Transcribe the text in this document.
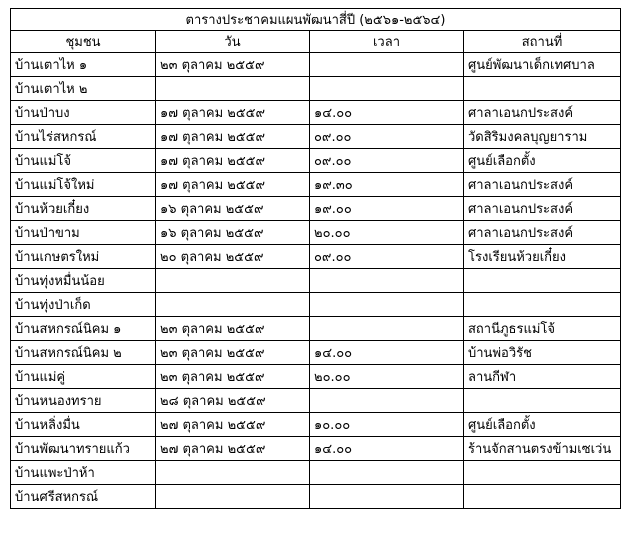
ตารางประชาคมแผนพัฒนาสี่ปี (๒๕๖๑-๒๕๖๔)			
ชุมชน	วัน	เวลา	สถานที่
บ้านเตาไห ๑	๒๓ ตุลาคม ๒๕๕๙		ศูนย์พัฒนาเด็กเทศบาล
บ้านเตาไห ๒			
บ้านป่าบง	๑๗ ตุลาคม ๒๕๕๙	๑๔.๐๐	ศาลาเอนกประสงค์
บ้านไร่สหกรณ์	๑๗ ตุลาคม ๒๕๕๙	๐๙.๐๐	วัดสิริมงคลบุญยาราม
บ้านแม่โจ้	๑๗ ตุลาคม ๒๕๕๙	๐๙.๐๐	ศูนย์เลือกตั้ง
บ้านแม่โจ้ใหม่	๑๗ ตุลาคม ๒๕๕๙	๑๙.๓๐	ศาลาเอนกประสงค์
บ้านห้วยเกี๋ยง	๑๖ ตุลาคม ๒๕๕๙	๑๙.๐๐	ศาลาเอนกประสงค์
บ้านป่าขาม	๑๖ ตุลาคม ๒๕๕๙	๒๐.๐๐	ศาลาเอนกประสงค์
บ้านเกษตรใหม่	๒๐ ตุลาคม ๒๕๕๙	๐๙.๐๐	โรงเรียนห้วยเกี๋ยง
บ้านทุ่งหมื่นน้อย			
บ้านทุ่งป่าเก็ด			
บ้านสหกรณ์นิคม ๑	๒๓ ตุลาคม ๒๕๕๙		สถานีภูธรแม่โจ้
บ้านสหกรณ์นิคม ๒	๒๓ ตุลาคม ๒๕๕๙	๑๔.๐๐	บ้านพ่อวิรัช
บ้านแม่คู่	๒๓ ตุลาคม ๒๕๕๙	๒๐.๐๐	ลานกีฬา
บ้านหนองทราย	๒๘ ตุลาคม ๒๕๕๙		
บ้านหลิ่งมื่น	๒๗ ตุลาคม ๒๕๕๙	๑๐.๐๐	ศูนย์เลือกตั้ง
บ้านพัฒนาทรายแก้ว	๒๗ ตุลาคม ๒๕๕๙	๑๔.๐๐	ร้านจักสานตรงข้ามเซเว่น
บ้านแพะป่าห้า			
บ้านศรีสหกรณ์			
